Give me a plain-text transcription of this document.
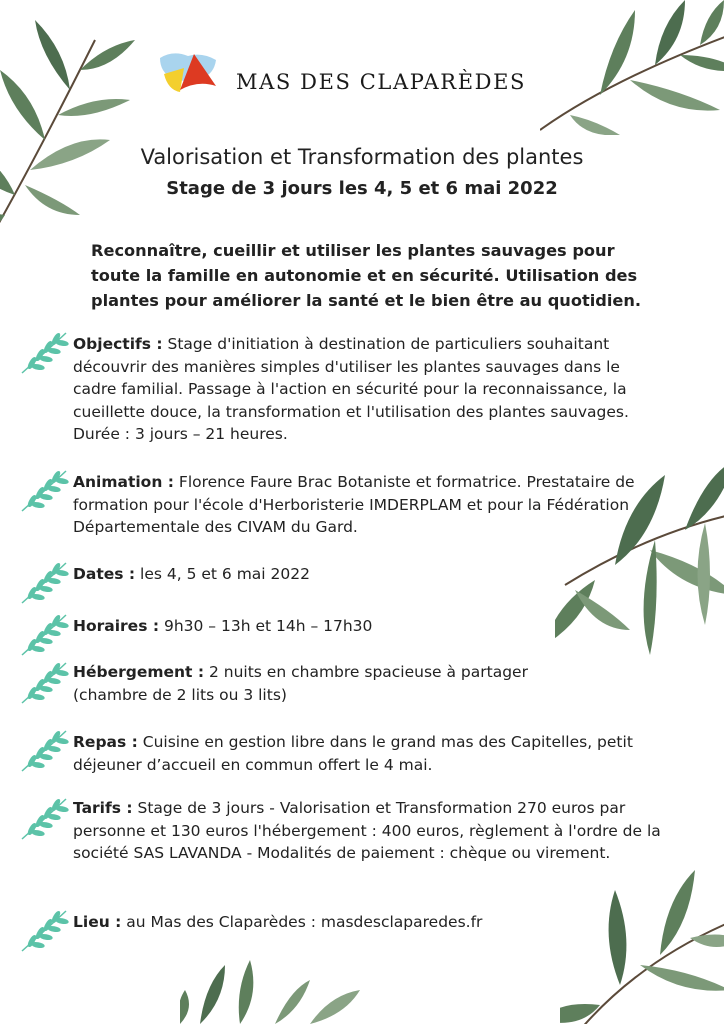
MAS DES CLAPARÈDES
Valorisation et Transformation des plantes
Stage de 3 jours les 4, 5 et 6 mai 2022

Reconnaître, cueillir et utiliser les plantes sauvages pour toute la famille en autonomie et en sécurité. Utilisation des plantes pour améliorer la santé et le bien être au quotidien.

Objectifs : Stage d'initiation à destination de particuliers souhaitant découvrir des manières simples d'utiliser les plantes sauvages dans le cadre familial. Passage à l'action en sécurité pour la reconnaissance, la cueillette douce, la transformation et l'utilisation des plantes sauvages. Durée : 3 jours – 21 heures.
Animation : Florence Faure Brac Botaniste et formatrice. Prestataire de formation pour l'école d'Herboristerie IMDERPLAM et pour la Fédération Départementale des CIVAM du Gard.
Dates : les 4, 5 et 6 mai 2022
Horaires : 9h30 – 13h et 14h – 17h30
Hébergement : 2 nuits en chambre spacieuse à partager (chambre de 2 lits ou 3 lits)
Repas : Cuisine en gestion libre dans le grand mas des Capitelles, petit déjeuner d’accueil en commun offert le 4 mai.
Tarifs : Stage de 3 jours - Valorisation et Transformation 270 euros par personne et 130 euros l'hébergement : 400 euros, règlement à l'ordre de la société SAS LAVANDA - Modalités de paiement : chèque ou virement.
Lieu : au Mas des Claparèdes : masdesclaparedes.fr
